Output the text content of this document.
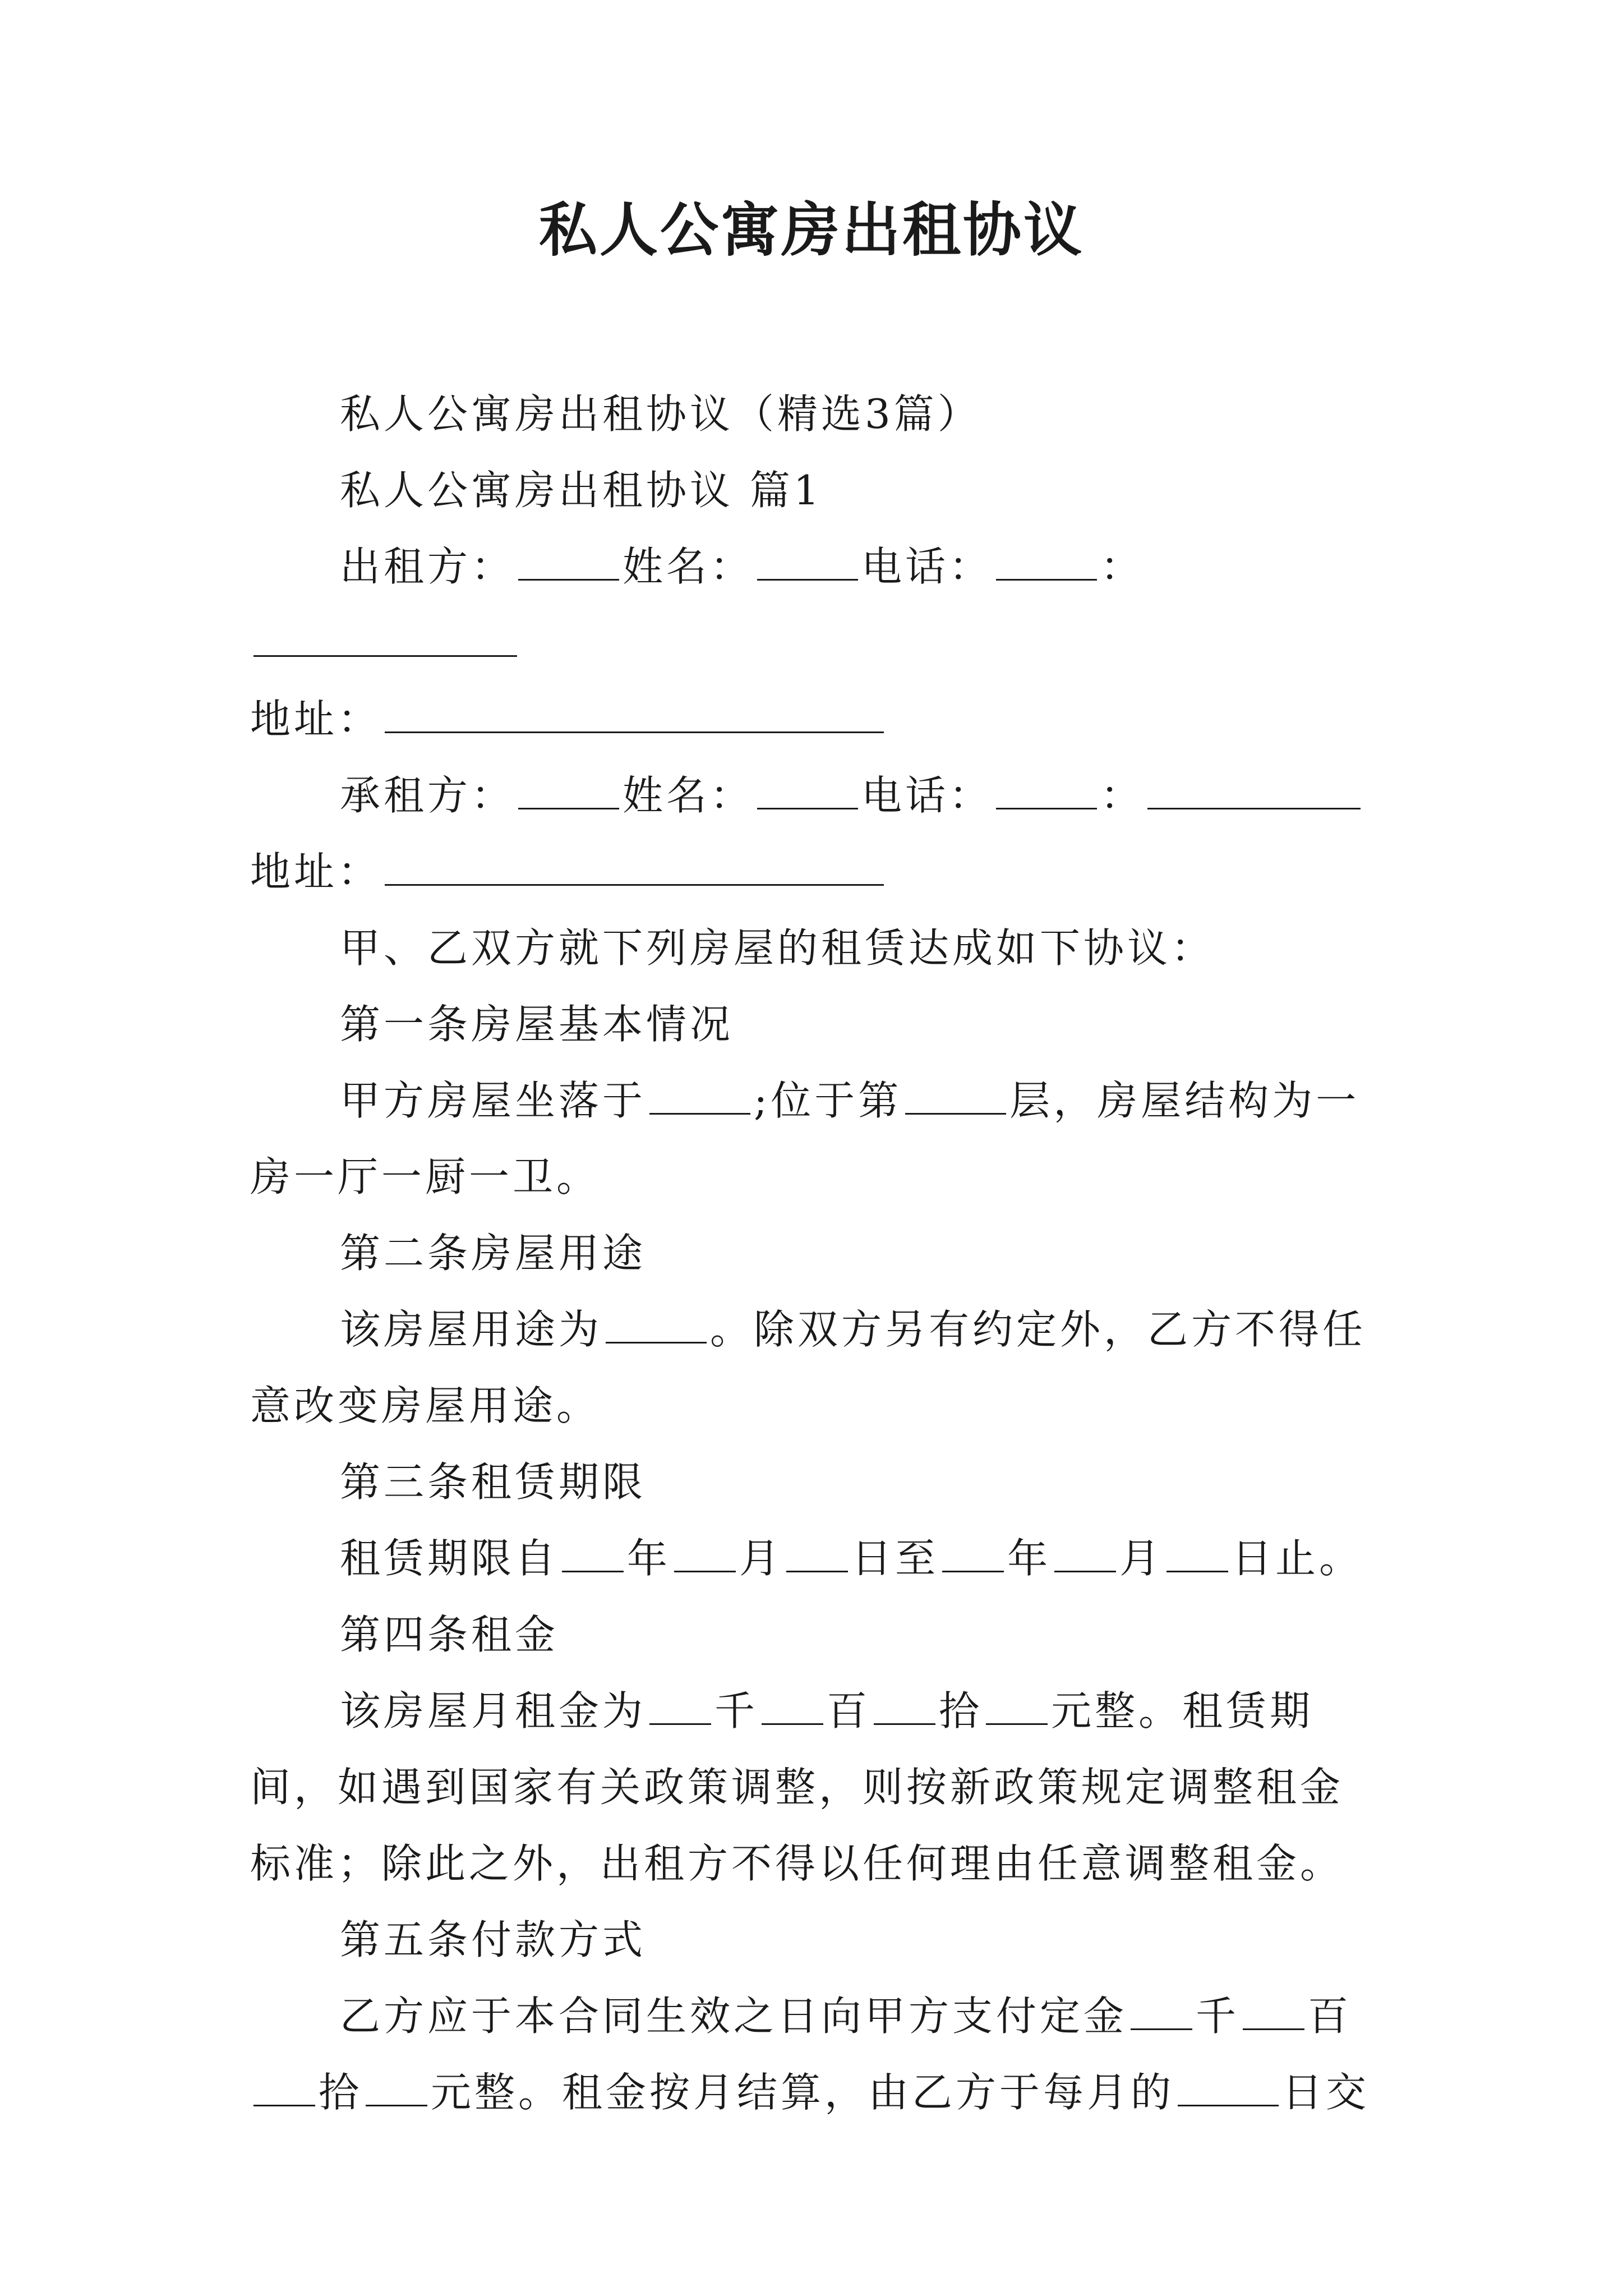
私人公寓房出租协议

私人公寓房出租协议（精选3篇）

私人公寓房出租协议 篇1

出租方：	姓名：	电话：	：

地址：

承租方：	姓名：	电话：	：

地址：

甲、乙双方就下列房屋的租赁达成如下协议：

第一条房屋基本情况

甲方房屋坐落于	;位于第	层，房屋结构为一房一厅一厨一卫。

第二条房屋用途

该房屋用途为	。除双方另有约定外，乙方不得任意改变房屋用途。

第三条租赁期限

租赁期限自 年 月 日至 年 月 日止。

第四条租金

该房屋月租金为 千 百 拾 元整。租赁期间，如遇到国家有关政策调整，则按新政策规定调整租金标准；除此之外，出租方不得以任何理由任意调整租金。

第五条付款方式

乙方应于本合同生效之日向甲方支付定金 千 百拾 元整。租金按月结算，由乙方于每月的	日交
